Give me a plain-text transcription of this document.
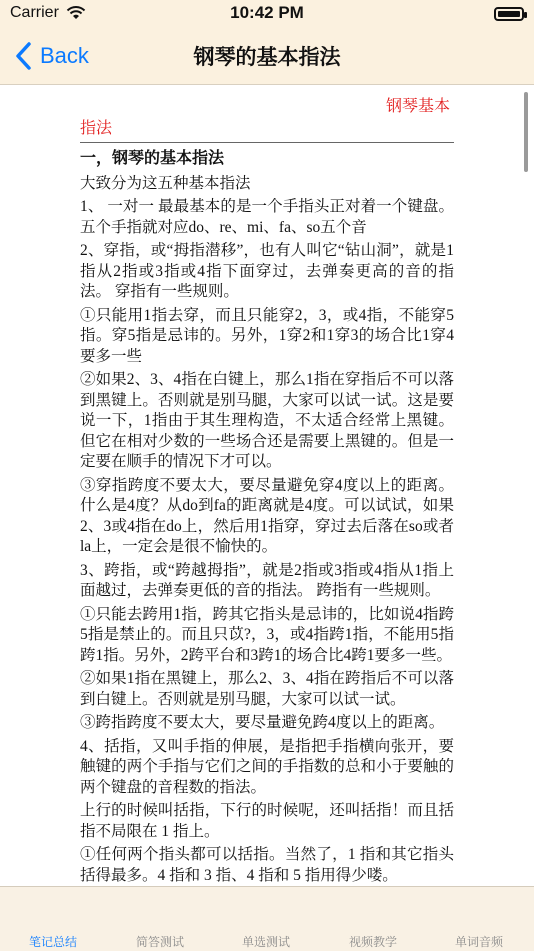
Carrier	10:42 PM
Back	钢琴的基本指法
钢琴基本
指法
一，钢琴的基本指法

大致分为这五种基本指法

1、 一对一 最最基本的是一个手指头正对着一个键盘。五个手指就对应do、re、mi、fa、so五个音

2、穿指，或“拇指潜移”，也有人叫它“钻山洞”，就是1指从2指或3指或4指下面穿过，去弹奏更高的音的指法。 穿指有一些规则。

①只能用1指去穿，而且只能穿2，3，或4指，不能穿5指。穿5指是忌讳的。另外，1穿2和1穿3的场合比1穿4要多一些

②如果2、3、4指在白键上，那么1指在穿指后不可以落到黑键上。否则就是别马腿，大家可以试一试。这是要说一下，1指由于其生理构造，不太适合经常上黑键。但它在相对少数的一些场合还是需要上黑键的。但是一定要在顺手的情况下才可以。

③穿指跨度不要太大，要尽量避免穿4度以上的距离。什么是4度？从do到fa的距离就是4度。可以试试，如果2、3或4指在do上，然后用1指穿，穿过去后落在so或者la上，一定会是很不愉快的。

3、跨指，或“跨越拇指”，就是2指或3指或4指从1指上面越过，去弹奏更低的音的指法。 跨指有一些规则。

①只能去跨用1指，跨其它指头是忌讳的，比如说4指跨5指是禁止的。而且只苡?，3，或4指跨1指，不能用5指跨1指。另外，2跨平台和3跨1的场合比4跨1要多一些。

②如果1指在黑键上，那么2、3、4指在跨指后不可以落到白键上。否则就是别马腿，大家可以试一试。

③跨指跨度不要太大，要尽量避免跨4度以上的距离。

4、括指，又叫手指的伸展，是指把手指横向张开，要触键的两个手指与它们之间的手指数的总和小于要触的两个键盘的音程数的指法。

上行的时候叫括指，下行的时候呢，还叫括指！而且括指不局限在 1 指上。

①任何两个指头都可以括指。当然了，1 指和其它指头括得最多。4 指和 3 指、4 指和 5 指用得少喽。

笔记总结	简答测试	单选测试	视频教学	单词音频
